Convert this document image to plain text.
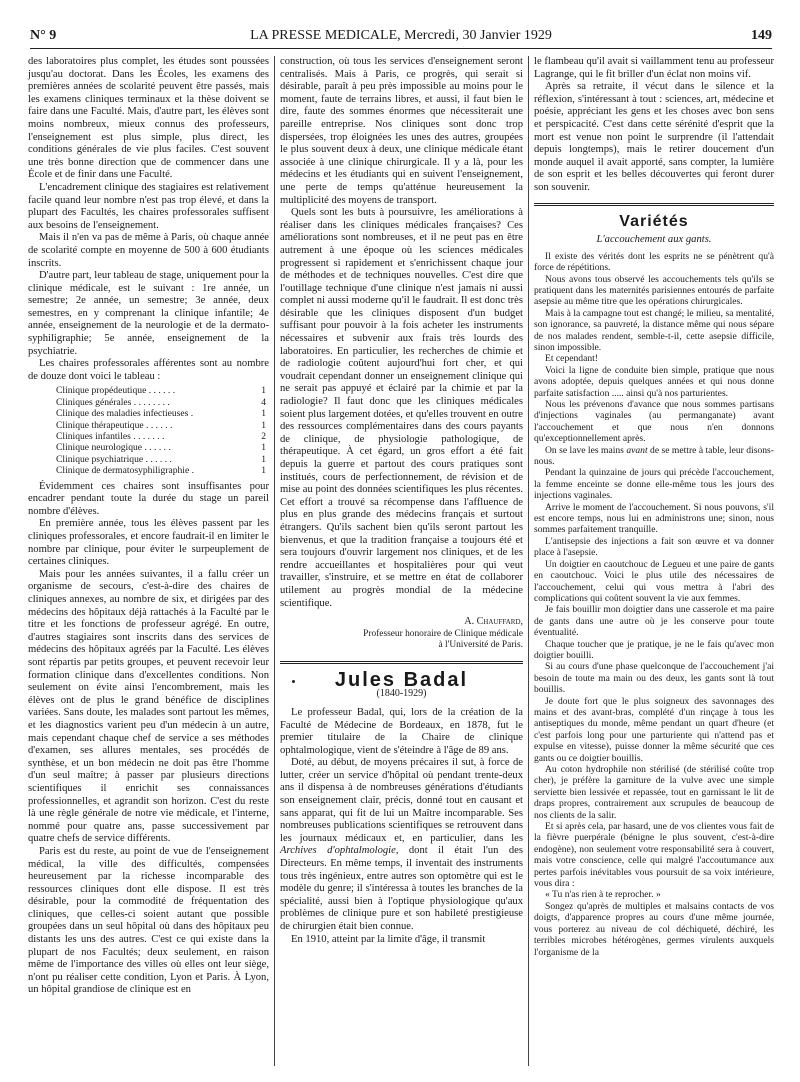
N° 9	LA PRESSE MEDICALE, Mercredi, 30 Janvier 1929	149

des laboratoires plus complet, les études sont poussées jusqu'au doctorat. Dans les Écoles, les examens des premières années de scolarité peuvent être passés, mais les examens cliniques terminaux et la thèse doivent se faire dans une Faculté. Mais, d'autre part, les élèves sont moins nombreux, mieux connus des professeurs, l'enseignement est plus simple, plus direct, les conditions générales de vie plus faciles. C'est souvent une très bonne direction que de commencer dans une École et de finir dans une Faculté.

L'encadrement clinique des stagiaires est relativement facile quand leur nombre n'est pas trop élevé, et dans la plupart des Facultés, les chaires professorales suffisent aux besoins de l'enseignement.

Mais il n'en va pas de même à Paris, où chaque année de scolarité compte en moyenne de 500 à 600 étudiants inscrits.

D'autre part, leur tableau de stage, uniquement pour la clinique médicale, est le suivant : 1re année, un semestre; 2e année, un semestre; 3e année, deux semestres, en y comprenant la clinique infantile; 4e année, enseignement de la neurologie et de la dermato-syphiligraphie; 5e année, enseignement de la psychiatrie.

Les chaires professorales afférentes sont au nombre de douze dont voici le tableau :

Clinique propédeutique . . . . . .	1
Cliniques générales . . . . . . . .	4
Clinique des maladies infectieuses .	1
Clinique thérapeutique . . . . . .	1
Cliniques infantiles . . . . . . .	2
Clinique neurologique . . . . . .	1
Clinique psychiatrique . . . . . .	1
Clinique de dermatosyphiligraphie .	1

Évidemment ces chaires sont insuffisantes pour encadrer pendant toute la durée du stage un pareil nombre d'élèves.

En première année, tous les élèves passent par les cliniques professorales, et encore faudrait-il en limiter le nombre par clinique, pour éviter le surpeuplement de certaines cliniques.

Mais pour les années suivantes, il a fallu créer un organisme de secours, c'est-à-dire des chaires de cliniques annexes, au nombre de six, et dirigées par des médecins des hôpitaux déjà rattachés à la Faculté par le titre et les fonctions de professeur agrégé. En outre, d'autres stagiaires sont inscrits dans des services de médecins des hôpitaux agréés par la Faculté. Les élèves sont répartis par petits groupes, et peuvent recevoir leur formation clinique dans d'excellentes conditions. Non seulement on évite ainsi l'encombrement, mais les élèves ont de plus le grand bénéfice de disciplines variées. Sans doute, les malades sont partout les mêmes, et les diagnostics varient peu d'un médecin à un autre, mais cependant chaque chef de service a ses méthodes d'examen, ses allures mentales, ses procédés de synthèse, et un bon médecin ne doit pas être l'homme d'un seul maître; à passer par plusieurs directions scientifiques il enrichit ses connaissances professionnelles, et agrandit son horizon. C'est du reste là une règle générale de notre vie médicale, et l'interne, nommé pour quatre ans, passe successivement par quatre chefs de service différents.

Paris est du reste, au point de vue de l'enseignement médical, la ville des difficultés, compensées heureusement par la richesse incomparable des ressources cliniques dont elle dispose. Il est très désirable, pour la commodité de fréquentation des cliniques, que celles-ci soient autant que possible groupées dans un seul hôpital où dans des hôpitaux peu distants les uns des autres. C'est ce qui existe dans la plupart de nos Facultés; deux seulement, en raison même de l'importance des villes où elles ont leur siège, n'ont pu réaliser cette condition, Lyon et Paris. À Lyon, un hôpital grandiose de clinique est en

construction, où tous les services d'enseignement seront centralisés. Mais à Paris, ce progrès, qui serait si désirable, paraît à peu près impossible au moins pour le moment, faute de terrains libres, et aussi, il faut bien le dire, faute des sommes énormes que nécessiterait une pareille entreprise. Nos cliniques sont donc trop dispersées, trop éloignées les unes des autres, groupées le plus souvent deux à deux, une clinique médicale étant associée à une clinique chirurgicale. Il y a là, pour les médecins et les étudiants qui en suivent l'enseignement, une perte de temps qu'atténue heureusement la multiplicité des moyens de transport.

Quels sont les buts à poursuivre, les améliorations à réaliser dans les cliniques médicales françaises? Ces améliorations sont nombreuses, et il ne peut pas en être autrement à une époque où les sciences médicales progressent si rapidement et s'enrichissent chaque jour de méthodes et de techniques nouvelles. C'est dire que l'outillage technique d'une clinique n'est jamais ni aussi complet ni aussi moderne qu'il le faudrait. Il est donc très désirable que les cliniques disposent d'un budget suffisant pour pouvoir à la fois acheter les instruments nécessaires et subvenir aux frais très lourds des laboratoires. En particulier, les recherches de chimie et de radiologie coûtent aujourd'hui fort cher, et qui voudrait cependant donner un enseignement clinique qui ne serait pas appuyé et éclairé par la chimie et par la radiologie? Il faut donc que les cliniques médicales soient plus largement dotées, et qu'elles trouvent en outre des ressources complémentaires dans des cours payants de clinique, de physiologie pathologique, de thérapeutique. À cet égard, un gros effort a été fait depuis la guerre et partout des cours pratiques sont institués, cours de perfectionnement, de révision et de mise au point des données scientifiques les plus récentes. Cet effort a trouvé sa récompense dans l'affluence de plus en plus grande des médecins français et surtout étrangers. Qu'ils sachent bien qu'ils seront partout les bienvenus, et que la tradition française a toujours été et sera toujours d'ouvrir largement nos cliniques, et de les rendre accueillantes et hospitalières pour qui veut travailler, s'instruire, et se mettre en état de collaborer utilement au progrès mondial de la médecine scientifique.

A. Chauffard,
Professeur honoraire de Clinique médicale
à l'Université de Paris.
Jules Badal
(1840-1929)

Le professeur Badal, qui, lors de la création de la Faculté de Médecine de Bordeaux, en 1878, fut le premier titulaire de la Chaire de clinique ophtalmologique, vient de s'éteindre à l'âge de 89 ans.

Doté, au début, de moyens précaires il sut, à force de lutter, créer un service d'hôpital où pendant trente-deux ans il dispensa à de nombreuses générations d'étudiants son enseignement clair, précis, donné tout en causant et sans apparat, qui fit de lui un Maître incomparable. Ses nombreuses publications scientifiques se retrouvent dans les journaux médicaux et, en particulier, dans les Archives d'ophtalmologie, dont il était l'un des Directeurs. En même temps, il inventait des instruments tous très ingénieux, entre autres son optomètre qui est le modèle du genre; il s'intéressa à toutes les branches de la spécialité, aussi bien à l'optique physiologique qu'aux problèmes de clinique pure et son habileté prestigieuse de chirurgien était bien connue.

En 1910, atteint par la limite d'âge, il transmit

le flambeau qu'il avait si vaillamment tenu au professeur Lagrange, qui le fit briller d'un éclat non moins vif.

Après sa retraite, il vécut dans le silence et la réflexion, s'intéressant à tout : sciences, art, médecine et poésie, appréciant les gens et les choses avec bon sens et perspicacité. C'est dans cette sérénité d'esprit que la mort est venue non point le surprendre (il l'attendait depuis longtemps), mais le retirer doucement d'un monde auquel il avait apporté, sans compter, la lumière de son esprit et les belles découvertes qui feront durer son souvenir.

Variétés
L'accouchement aux gants.

Il existe des vérités dont les esprits ne se pénètrent qu'à force de répétitions.

Nous avons tous observé les accouchements tels qu'ils se pratiquent dans les maternités parisiennes entourés de parfaite asepsie au même titre que les opérations chirurgicales.

Mais à la campagne tout est changé; le milieu, sa mentalité, son ignorance, sa pauvreté, la distance même qui nous sépare de nos malades rendent, semble-t-il, cette asepsie difficile, sinon impossible.

Et cependant!

Voici la ligne de conduite bien simple, pratique que nous avons adoptée, depuis quelques années et qui nous donne parfaite satisfaction ..... ainsi qu'à nos parturientes.

Nous les prévenons d'avance que nous sommes partisans d'injections vaginales (au permanganate) avant l'accouchement et que nous n'en donnons qu'exceptionnellement après.

On se lave les mains avant de se mettre à table, leur disons-nous.

Pendant la quinzaine de jours qui précède l'accouchement, la femme enceinte se donne elle-même tous les jours des injections vaginales.

Arrive le moment de l'accouchement. Si nous pouvons, s'il est encore temps, nous lui en administrons une; sinon, nous sommes parfaitement tranquille.

L'antisepsie des injections a fait son œuvre et va donner place à l'asepsie.

Un doigtier en caoutchouc de Legueu et une paire de gants en caoutchouc. Voici le plus utile des nécessaires de l'accouchement, celui qui vous mettra à l'abri des complications qui coûtent souvent la vie aux femmes.

Je fais bouillir mon doigtier dans une casserole et ma paire de gants dans une autre où je les conserve pour toute éventualité.

Chaque toucher que je pratique, je ne le fais qu'avec mon doigtier bouilli.

Si au cours d'une phase quelconque de l'accouchement j'ai besoin de toute ma main ou des deux, les gants sont là tout bouillis.

Je doute fort que le plus soigneux des savonnages des mains et des avant-bras, complété d'un rinçage à tous les antiseptiques du monde, même pendant un quart d'heure (et c'est parfois long pour une parturiente qui n'attend pas et expulse en vitesse), puisse donner la même sécurité que ces gants ou ce doigtier bouillis.

Au coton hydrophile non stérilisé (de stérilisé coûte trop cher), je préfère la garniture de la vulve avec une simple serviette bien lessivée et repassée, tout en garnissant le lit de draps propres, contrairement aux scrupules de beaucoup de nos clients de la salir.

Et si après cela, par hasard, une de vos clientes vous fait de la fièvre puerpérale (bénigne le plus souvent, c'est-à-dire endogène), non seulement votre responsabilité sera à couvert, mais votre conscience, celle qui malgré l'accoutumance aux pertes parfois inévitables vous poursuit de sa voix intérieure, vous dira :

« Tu n'as rien à te reprocher. »

Songez qu'après de multiples et malsains contacts de vos doigts, d'apparence propres au cours d'une même journée, vous porterez au niveau de col déchiqueté, déchiré, les terribles microbes hétérogènes, germes virulents auxquels l'organisme de la
